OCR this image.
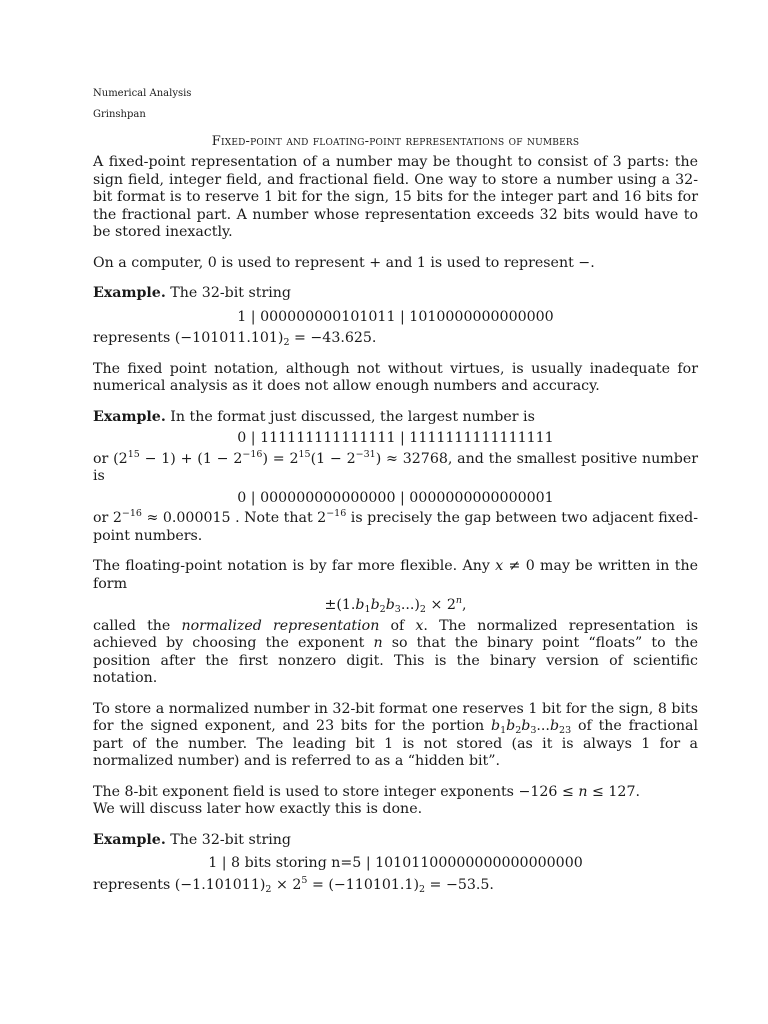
Numerical Analysis

Grinshpan

Fixed-point and floating-point representations of numbers

A fixed-point representation of a number may be thought to consist of 3 parts: the sign field, integer field, and fractional field. One way to store a number using a 32-bit format is to reserve 1 bit for the sign, 15 bits for the integer part and 16 bits for the fractional part. A number whose representation exceeds 32 bits would have to be stored inexactly.

On a computer, 0 is used to represent + and 1 is used to represent −.

Example. The 32-bit string

1 | 000000000101011 | 1010000000000000

represents $(-101011.101)_2 = -43.625$.

The fixed point notation, although not without virtues, is usually inadequate for numerical analysis as it does not allow enough numbers and accuracy.

Example. In the format just discussed, the largest number is

0 | 111111111111111 | 1111111111111111

or $(2^{15} - 1) + (1 - 2^{-16}) = 2^{15}(1 - 2^{-31}) \approx 32768$, and the smallest positive number is

0 | 000000000000000 | 0000000000000001

or $2^{-16} \approx 0.000015$ . Note that $2^{-16}$ is precisely the gap between two adjacent fixed-point numbers.

The floating-point notation is by far more flexible. Any x ≠ 0 may be written in the form

$\pm(1.b_1b_2b_3...)_2 \times 2^n$,

called the normalized representation of x. The normalized representation is achieved by choosing the exponent n so that the binary point “floats” to the position after the first nonzero digit. This is the binary version of scientific notation.

To store a normalized number in 32-bit format one reserves 1 bit for the sign, 8 bits for the signed exponent, and 23 bits for the portion $b_1b_2b_3...b_{23}$ of the fractional part of the number. The leading bit 1 is not stored (as it is always 1 for a normalized number) and is referred to as a “hidden bit”.

The 8-bit exponent field is used to store integer exponents −126 ≤ n ≤ 127.
We will discuss later how exactly this is done.

Example. The 32-bit string

1 | 8 bits storing n=5 | 10101100000000000000000

represents $(-1.101011)_2 \times 2^5 = (-110101.1)_2 = -53.5$.
